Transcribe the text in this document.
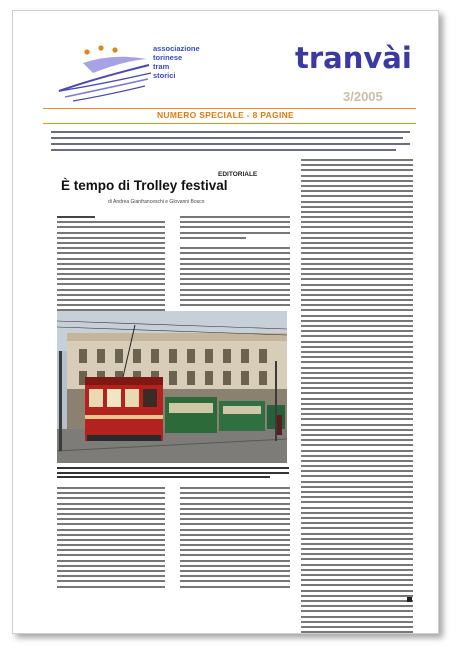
associazione
torinese
tram
storici
tranvài
3/2005
NUMERO SPECIALE - 8 PAGINE
EDITORIALE
È tempo di Trolley festival
di Andrea Gianfranceschi e Giovanni Bosco
